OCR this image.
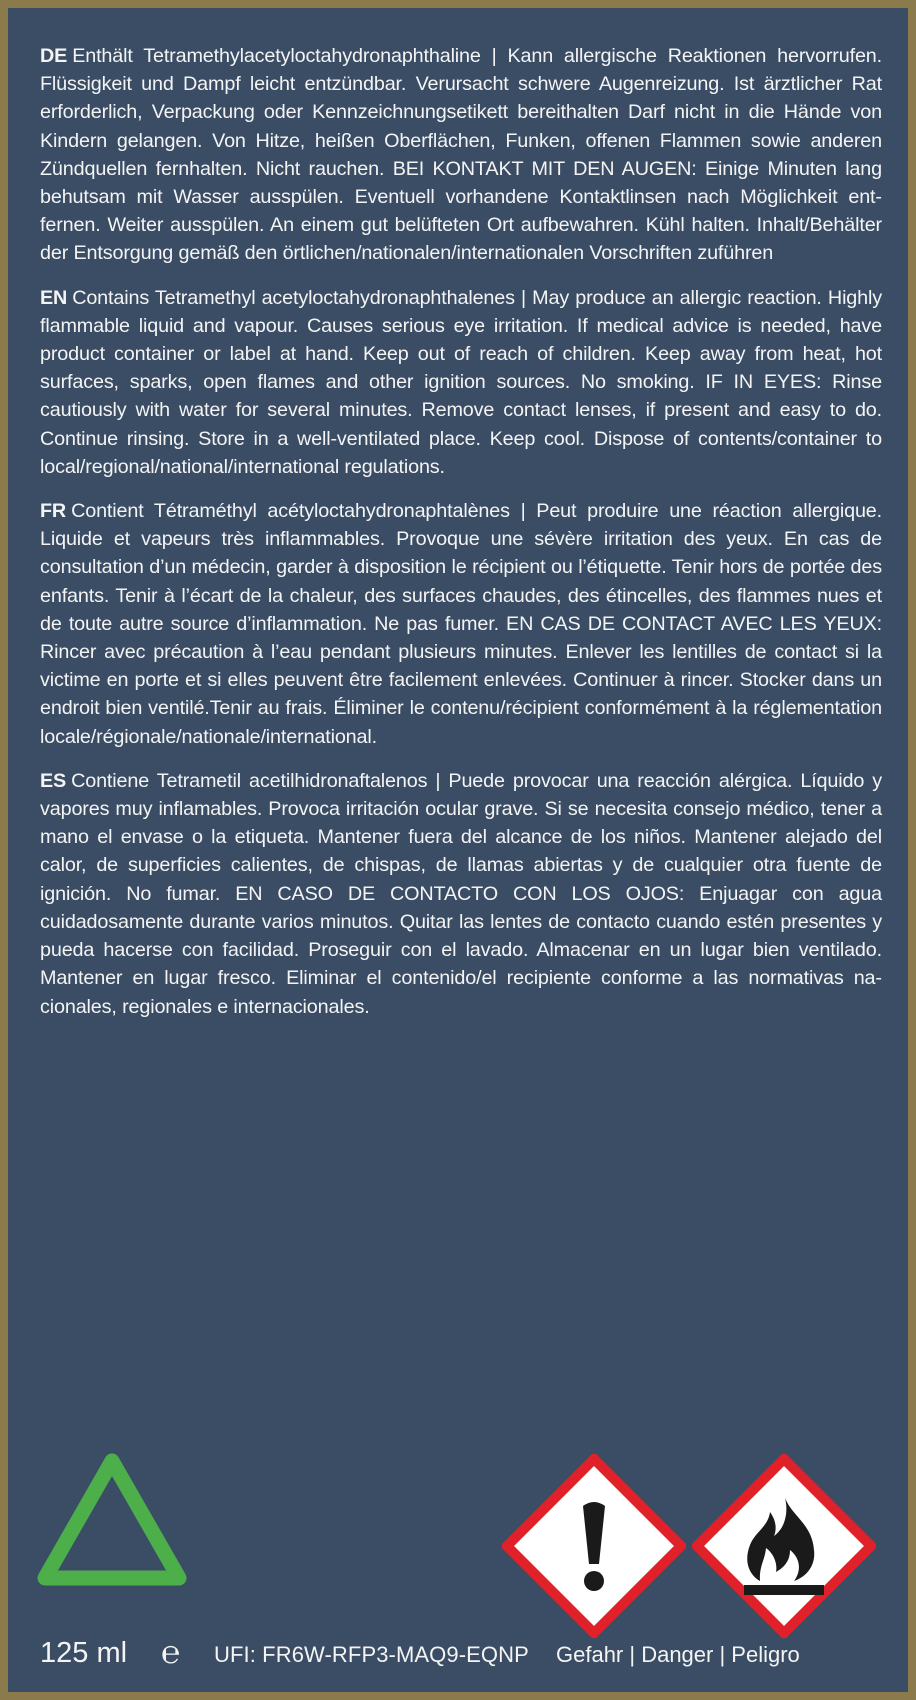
DE Enthält Tetramethylacetyloctahydronaphthaline | Kann allergische Reaktionen hervorrufen. Flüssigkeit und Dampf leicht entzündbar. Verursacht schwere Augenreizung. Ist ärztlicher Rat erforderlich, Verpackung oder Kennzeichnungsetikett bereithalten Darf nicht in die Hände von Kindern gelangen. Von Hitze, heißen Oberflächen, Funken, offenen Flammen sowie anderen Zündquellen fernhalten. Nicht rauchen. BEI KONTAKT MIT DEN AUGEN: Einige Minuten lang behutsam mit Wasser ausspülen. Eventuell vorhandene Kontaktlinsen nach Möglichkeit entfernen. Weiter ausspülen. An einem gut belüfteten Ort aufbewahren. Kühl halten. Inhalt/Behälter der Entsorgung gemäß den örtlichen/nationalen/internationalen Vorschriften zuführen

EN Contains Tetramethyl acetyloctahydronaphthalenes | May produce an allergic reaction. Highly flammable liquid and vapour. Causes serious eye irritation. If medical advice is needed, have product container or label at hand. Keep out of reach of children. Keep away from heat, hot surfaces, sparks, open flames and other ignition sources. No smoking. IF IN EYES: Rinse cautiously with water for several minutes. Remove contact lenses, if present and easy to do. Continue rinsing. Store in a well-ventilated place. Keep cool. Dispose of contents/container to local/regional/​national/international regulations.

FR Contient Tétraméthyl acétyloctahydronaphtalènes | Peut produire une réaction allergique. Liquide et vapeurs très inflammables. Provoque une sévère irritation des yeux. En cas de consultation d’un médecin, garder à disposition le récipient ou l’étiquette. Tenir hors de portée des enfants. Tenir à l’écart de la chaleur, des surfaces chaudes, des étincelles, des flammes nues et de toute autre source d’inflammation. Ne pas fumer. EN CAS DE CONTACT AVEC LES YEUX: Rincer avec précaution à l’eau pendant plusieurs minutes. Enlever les lentilles de contact si la victime en porte et si elles peuvent être facilement enlevées. Continuer à rincer. Stocker dans un endroit bien ventilé.Tenir au frais. Éliminer le contenu/récipient conformément à la réglementation locale/régionale/nationale/international.

ES Contiene Tetrametil acetilhidronaftalenos | Puede provocar una reacción alérgica. Líquido y vapores muy inflamables. Provoca irritación ocular grave. Si se necesita consejo médico, tener a mano el envase o la etiqueta. Mantener fuera del alcance de los niños. Mantener alejado del calor, de superficies calientes, de chispas, de llamas abiertas y de cualquier otra fuente de ignición. No fumar. EN CASO DE CONTACTO CON LOS OJOS: Enjuagar con agua cuidadosamente durante varios minutos. Quitar las lentes de contacto cuando estén presentes y pueda hacerse con facilidad. Proseguir con el lavado. Almacenar en un lugar bien ventilado. Mantener en lugar fresco. Eliminar el contenido/el recipiente conforme a las normativas nacionales, regionales e internacionales.

125 ml ℮ UFI: FR6W-RFP3-MAQ9-EQNP Gefahr | Danger | Peligro
